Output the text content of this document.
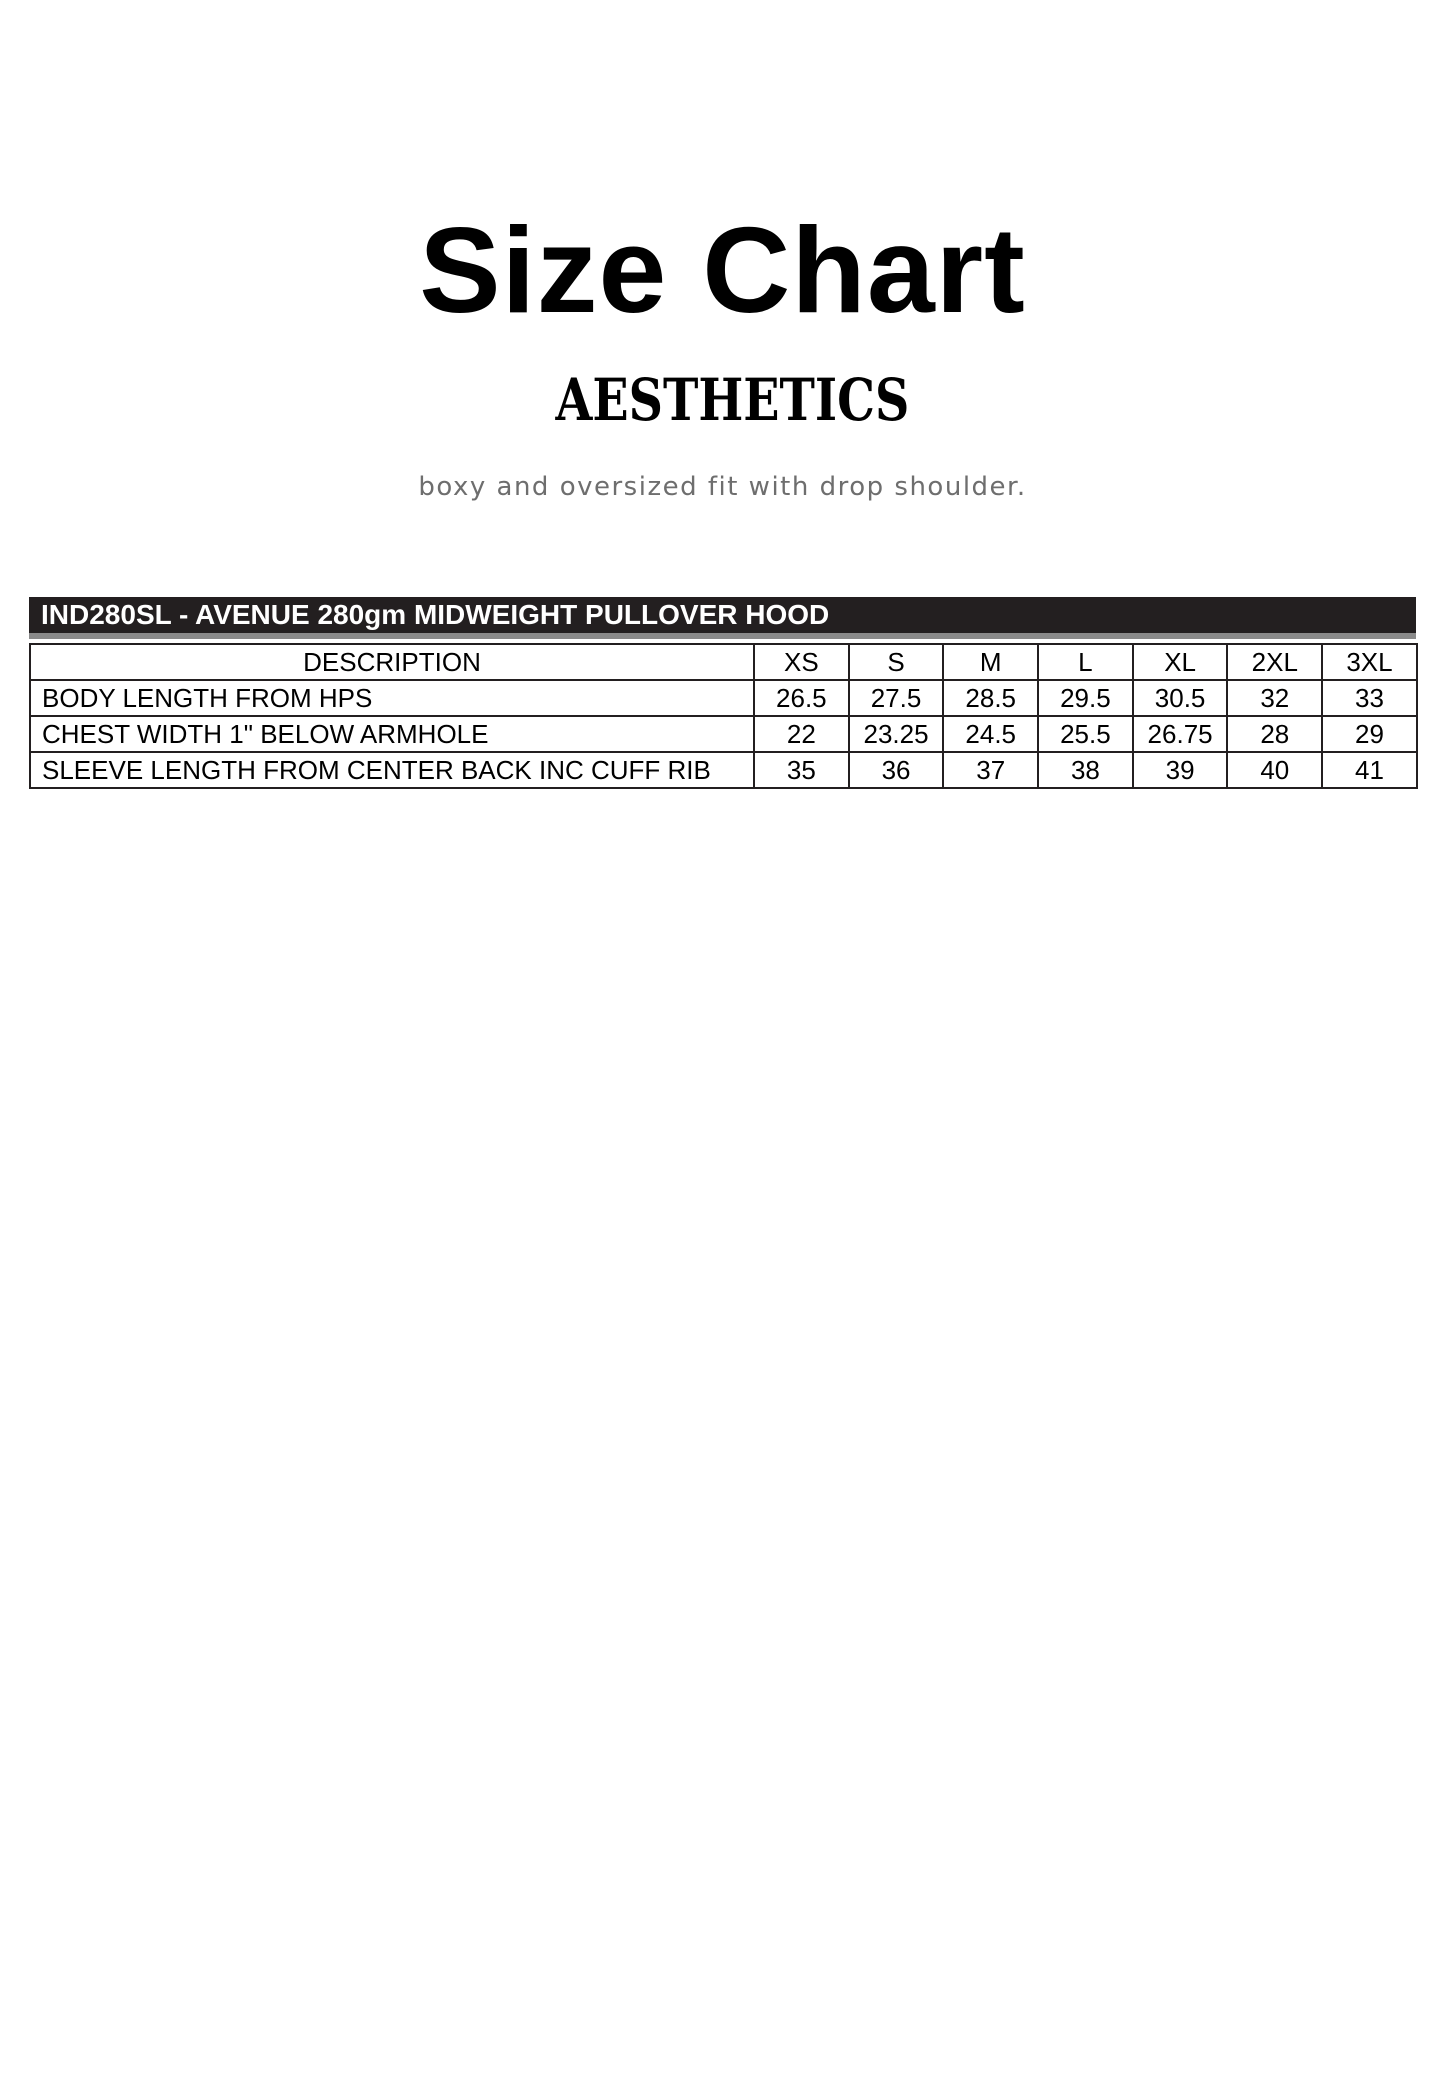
Size Chart
AESTHETICS
boxy and oversized fit with drop shoulder.
IND280SL - AVENUE 280gm MIDWEIGHT PULLOVER HOOD
DESCRIPTION	XS	S	M	L	XL	2XL	3XL
BODY LENGTH FROM HPS	26.5	27.5	28.5	29.5	30.5	32	33
CHEST WIDTH 1" BELOW ARMHOLE	22	23.25	24.5	25.5	26.75	28	29
SLEEVE LENGTH FROM CENTER BACK INC CUFF RIB	35	36	37	38	39	40	41
